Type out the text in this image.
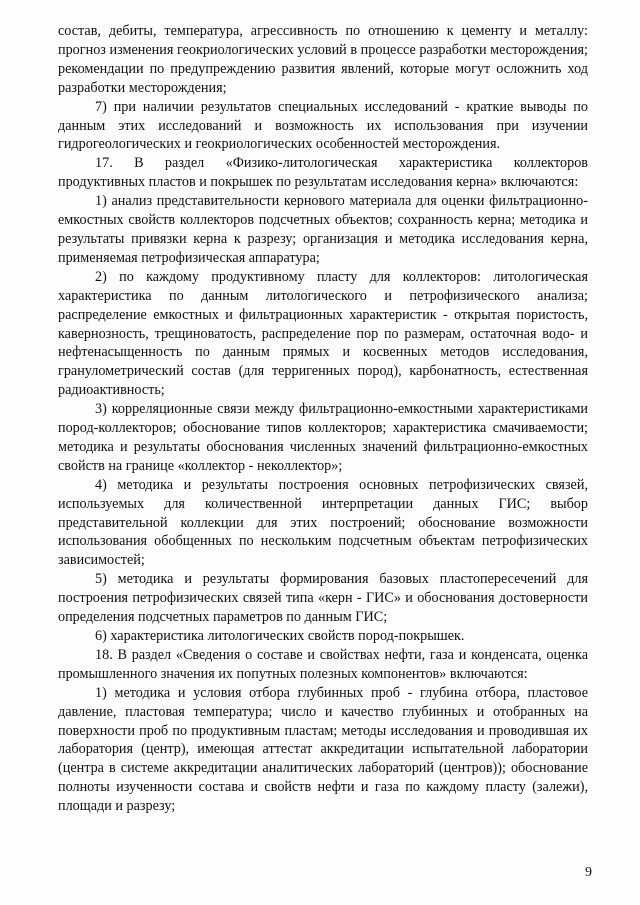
состав, дебиты, температура, агрессивность по отношению к цементу и металлу: прогноз изменения геокриологических условий в процессе разработки месторождения; рекомендации по предупреждению развития явлений, которые могут осложнить ход разработки месторождения;

7) при наличии результатов специальных исследований - краткие выводы по данным этих исследований и возможность их использования при изучении гидрогеологических и геокриологических особенностей месторождения.

17. В раздел «Физико-литологическая характеристика коллекторов продуктивных пластов и покрышек по результатам исследования керна» включаются:

1) анализ представительности кернового материала для оценки фильтрационно-емкостных свойств коллекторов подсчетных объектов; сохранность керна; методика и результаты привязки керна к разрезу; организация и методика исследования керна, применяемая петрофизическая аппаратура;

2) по каждому продуктивному пласту для коллекторов: литологическая характеристика по данным литологического и петрофизического анализа; распределение емкостных и фильтрационных характеристик - открытая пористость, кавернозность, трещиноватость, распределение пор по размерам, остаточная водо- и нефтенасыщенность по данным прямых и косвенных методов исследования, гранулометрический состав (для терригенных пород), карбонатность, естественная радиоактивность;

3) корреляционные связи между фильтрационно-емкостными характеристиками пород-коллекторов; обоснование типов коллекторов; характеристика смачиваемости; методика и результаты обоснования численных значений фильтрационно-емкостных свойств на границе «коллектор - неколлектор»;

4) методика и результаты построения основных петрофизических связей, используемых для количественной интерпретации данных ГИС; выбор представительной коллекции для этих построений; обоснование возможности использования обобщенных по нескольким подсчетным объектам петрофизических зависимостей;

5) методика и результаты формирования базовых пластопересечений для построения петрофизических связей типа «керн - ГИС» и обоснования достоверности определения подсчетных параметров по данным ГИС;

6) характеристика литологических свойств пород-покрышек.

18. В раздел «Сведения о составе и свойствах нефти, газа и конденсата, оценка промышленного значения их попутных полезных компонентов» включаются:

1) методика и условия отбора глубинных проб - глубина отбора, пластовое давление, пластовая температура; число и качество глубинных и отобранных на поверхности проб по продуктивным пластам; методы исследования и проводившая их лаборатория (центр), имеющая аттестат аккредитации испытательной лаборатории (центра в системе аккредитации аналитических лабораторий (центров)); обоснование полноты изученности состава и свойств нефти и газа по каждому пласту (залежи), площади и разрезу;

9
